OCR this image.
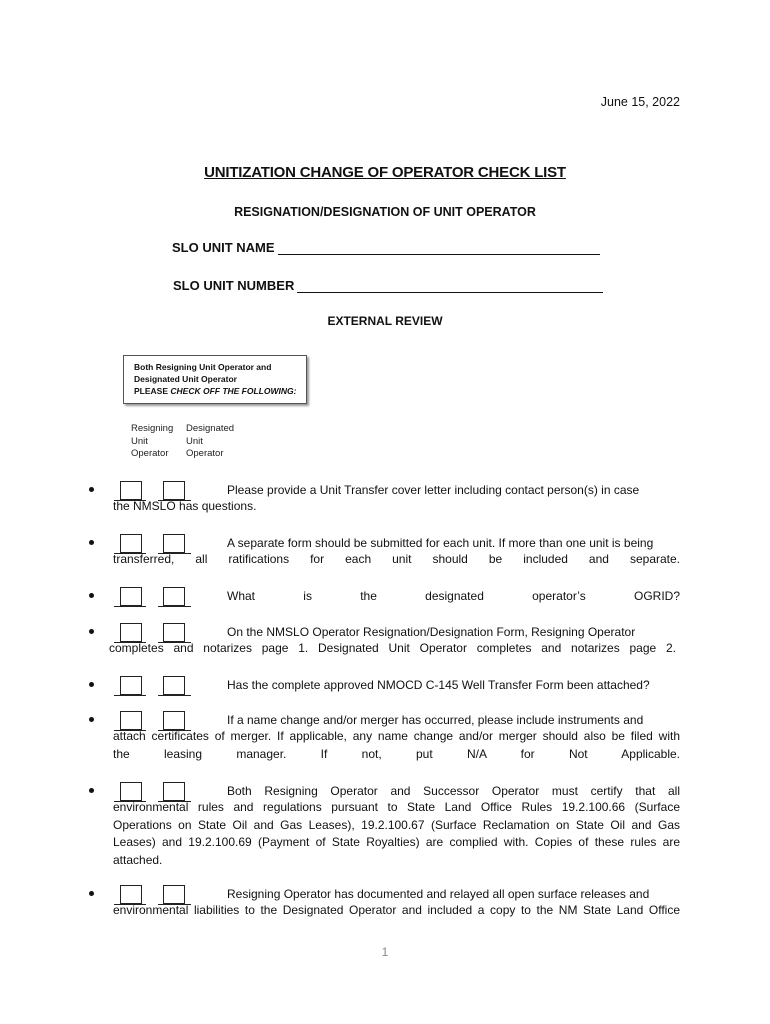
June 15, 2022
UNITIZATION CHANGE OF OPERATOR CHECK LIST
RESIGNATION/DESIGNATION OF UNIT OPERATOR
SLO UNIT NAME
SLO UNIT NUMBER
EXTERNAL REVIEW
Both Resigning Unit Operator and
Designated Unit Operator
PLEASE CHECK OFF THE FOLLOWING:
Resigning
Unit
Operator
Designated
Unit
Operator
Please provide a Unit Transfer cover letter including contact person(s) in case
the NMSLO has questions.
A separate form should be submitted for each unit. If more than one unit is being
transferred, all ratifications for each unit should be included and separate.
What is the designated operator’s OGRID?
On the NMSLO Operator Resignation/Designation Form, Resigning Operator
completes and notarizes page 1. Designated Unit Operator completes and notarizes page 2.
Has the complete approved NMOCD C-145 Well Transfer Form been attached?
If a name change and/or merger has occurred, please include instruments and
attach certificates of merger. If applicable, any name change and/or merger should also be filed with
the leasing manager. If not, put N/A for Not Applicable.
Both Resigning Operator and Successor Operator must certify that all
environmental rules and regulations pursuant to State Land Office Rules 19.2.100.66 (Surface
Operations on State Oil and Gas Leases), 19.2.100.67 (Surface Reclamation on State Oil and Gas
Leases) and 19.2.100.69 (Payment of State Royalties) are complied with. Copies of these rules are
attached.
Resigning Operator has documented and relayed all open surface releases and
environmental liabilities to the Designated Operator and included a copy to the NM State Land Office
1
